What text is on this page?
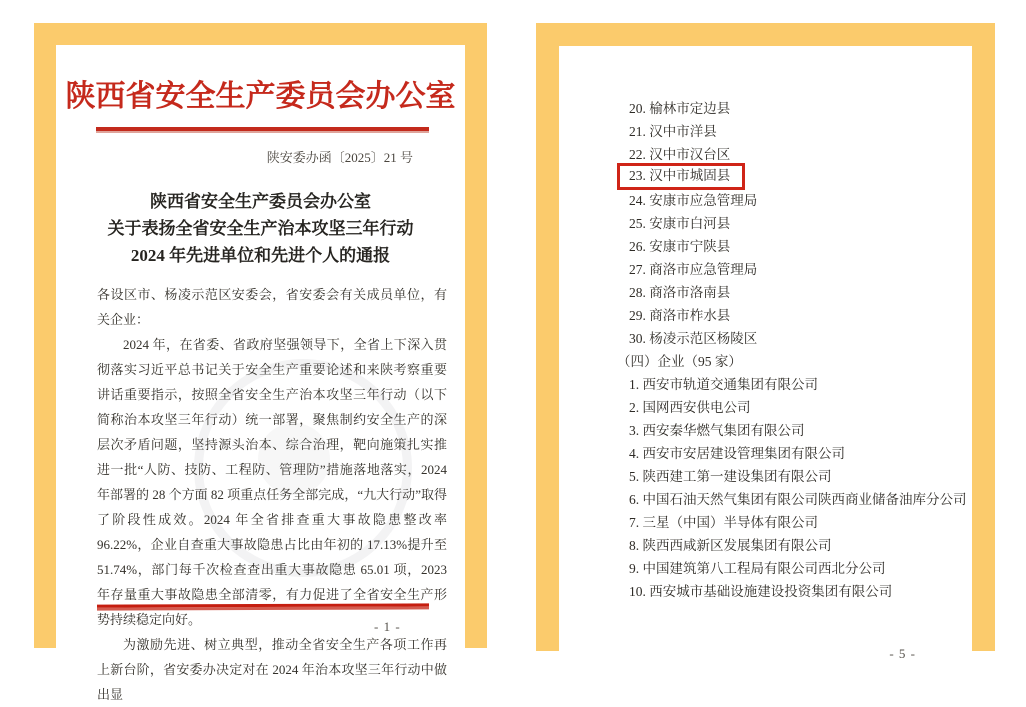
陕西省安全生产委员会办公室
陕安委办函〔2025〕21 号
陕西省安全生产委员会办公室
关于表扬全省安全生产治本攻坚三年行动
2024 年先进单位和先进个人的通报

各设区市、杨凌示范区安委会，省安委会有关成员单位，有关企业：

2024 年，在省委、省政府坚强领导下，全省上下深入贯彻落实习近平总书记关于安全生产重要论述和来陕考察重要讲话重要指示，按照全省安全生产治本攻坚三年行动（以下简称治本攻坚三年行动）统一部署，聚焦制约安全生产的深层次矛盾问题，坚持源头治本、综合治理，靶向施策扎实推进一批“人防、技防、工程防、管理防”措施落地落实，2024 年部署的 28 个方面 82 项重点任务全部完成，“九大行动”取得了阶段性成效。2024 年全省排查重大事故隐患整改率 96.22%，企业自查重大事故隐患占比由年初的 17.13%提升至 51.74%，部门每千次检查查出重大事故隐患 65.01 项，2023 年存量重大事故隐患全部清零，有力促进了全省安全生产形势持续稳定向好。

为激励先进、树立典型，推动全省安全生产各项工作再上新台阶，省安委办决定对在 2024 年治本攻坚三年行动中做出显

- 1 -
20. 榆林市定边县
21. 汉中市洋县
22. 汉中市汉台区
23. 汉中市城固县
24. 安康市应急管理局
25. 安康市白河县
26. 安康市宁陕县
27. 商洛市应急管理局
28. 商洛市洛南县
29. 商洛市柞水县
30. 杨凌示范区杨陵区
（四）企业（95 家）
1. 西安市轨道交通集团有限公司
2. 国网西安供电公司
3. 西安秦华燃气集团有限公司
4. 西安市安居建设管理集团有限公司
5. 陕西建工第一建设集团有限公司
6. 中国石油天然气集团有限公司陕西商业储备油库分公司
7. 三星（中国）半导体有限公司
8. 陕西西咸新区发展集团有限公司
9. 中国建筑第八工程局有限公司西北分公司
10. 西安城市基础设施建设投资集团有限公司
- 5 -
